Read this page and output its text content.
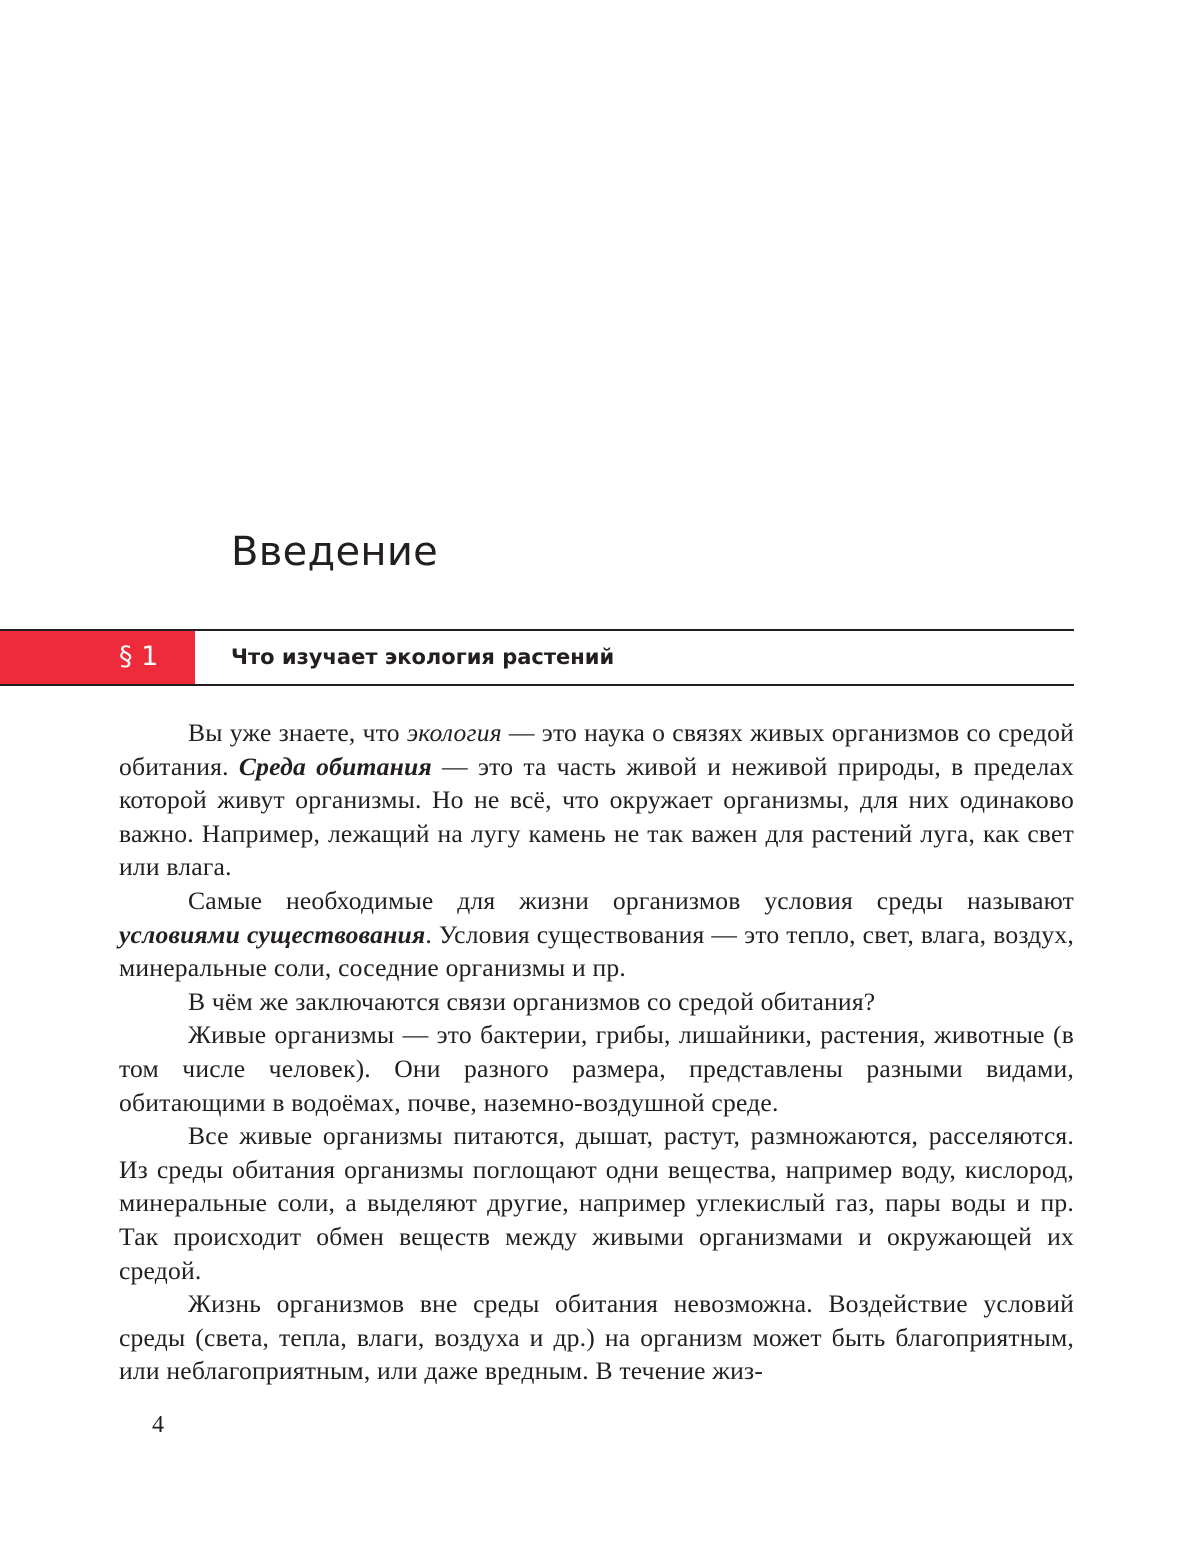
Введение
§ 1	Что изучает экология растений

Вы уже знаете, что экология — это наука о связях живых организмов со средой обитания. Среда обитания — это та часть живой и неживой природы, в пределах которой живут организмы. Но не всё, что окружает организмы, для них одинаково важно. Например, лежащий на лугу камень не так важен для растений луга, как свет или влага.

Самые необходимые для жизни организмов условия среды называют условиями существования. Условия существования — это тепло, свет, влага, воздух, минеральные соли, соседние организмы и пр.

В чём же заключаются связи организмов со средой обитания?

Живые организмы — это бактерии, грибы, лишайники, растения, животные (в том числе человек). Они разного размера, представлены разными видами, обитающими в водоёмах, почве, наземно-воздушной среде.

Все живые организмы питаются, дышат, растут, размножаются, расселяются. Из среды обитания организмы поглощают одни вещества, например воду, кислород, минеральные соли, а выделяют другие, например углекислый газ, пары воды и пр. Так происходит обмен веществ между живыми организмами и окружающей их средой.

Жизнь организмов вне среды обитания невозможна. Воздействие условий среды (света, тепла, влаги, воздуха и др.) на организм может быть благоприятным, или неблагоприятным, или даже вредным. В течение жиз-

4
